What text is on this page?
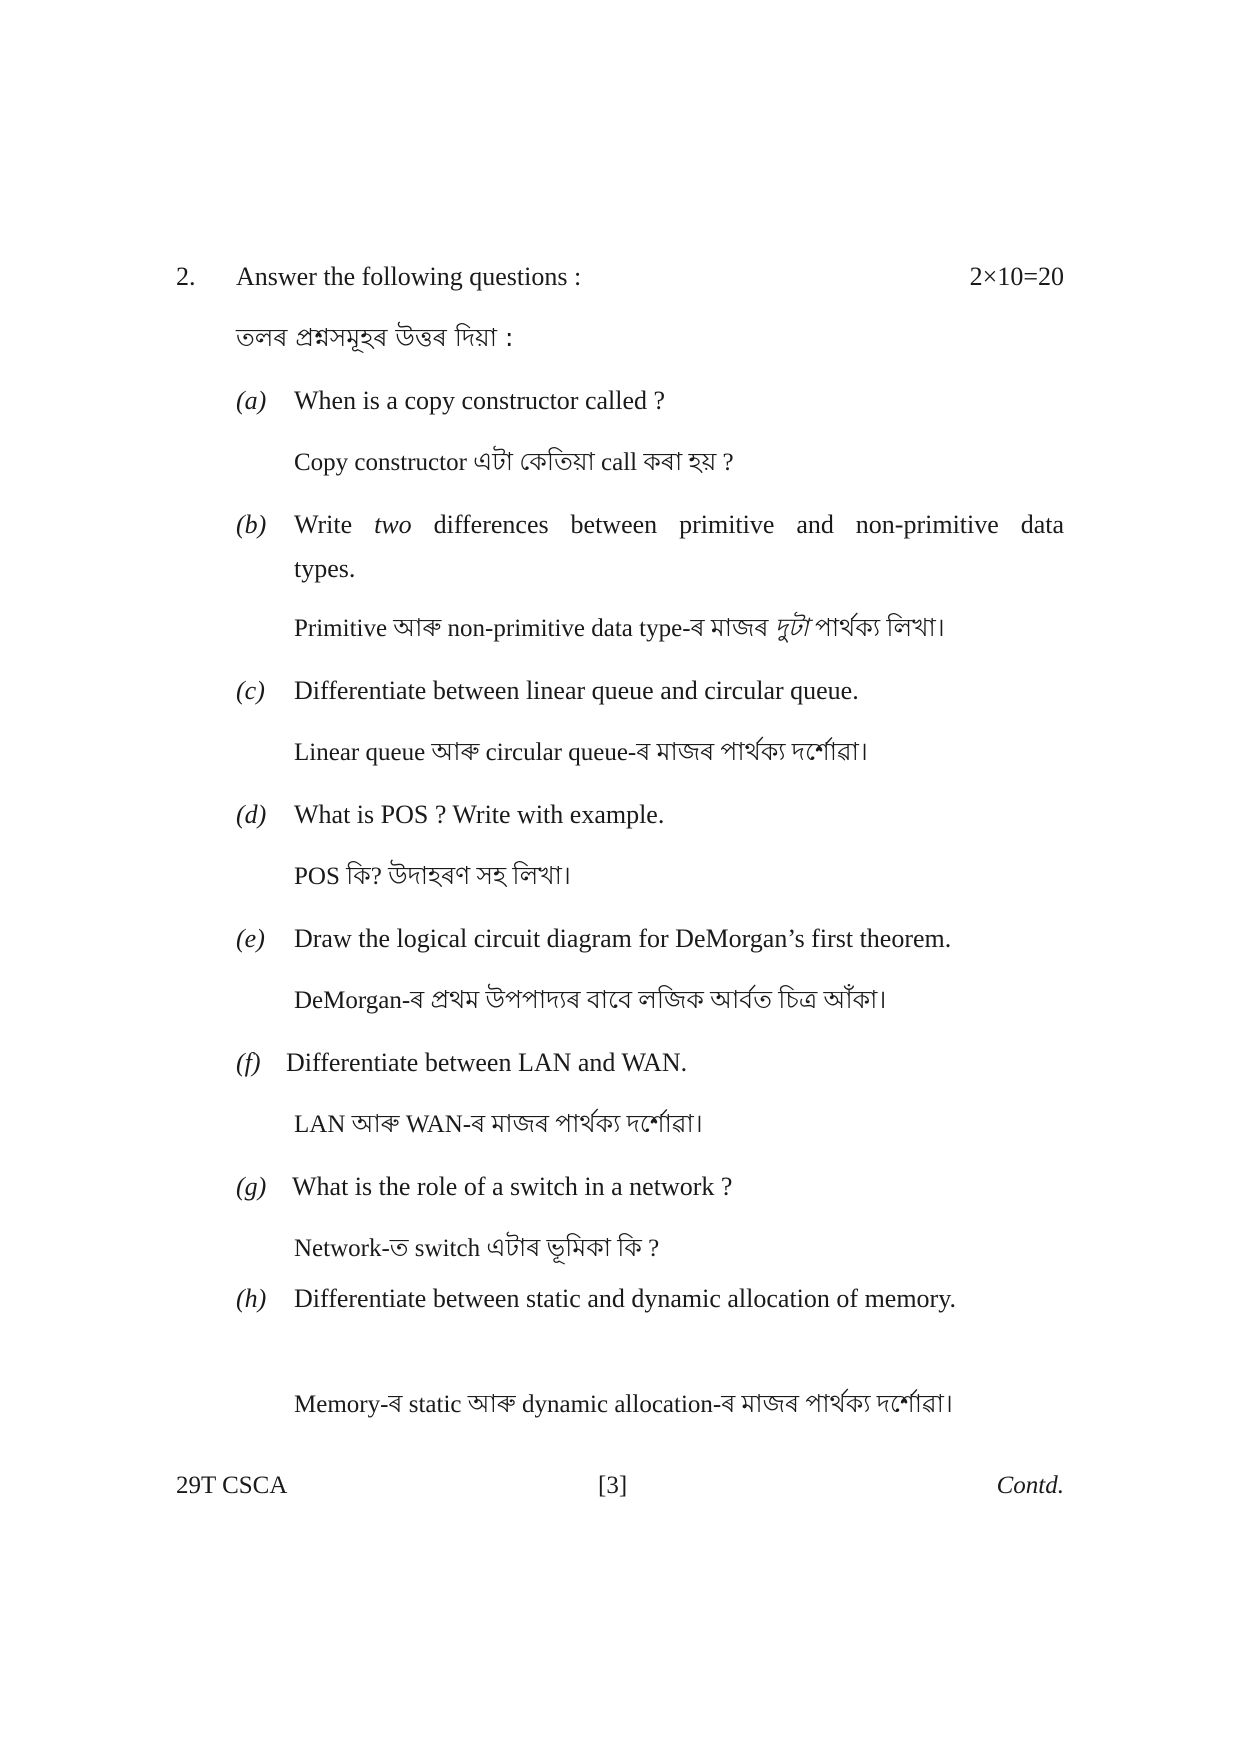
2. Answer the following questions :	2×10=20
তলৰ প্ৰশ্নসমূহৰ উত্তৰ দিয়া :
(a) When is a copy constructor called ?
Copy constructor এটা কেতিয়া call কৰা হয় ?
(b) Write two differences between primitive and non-primitive data
types.
Primitive আৰু non-primitive data type-ৰ মাজৰ দুটা পাৰ্থক্য লিখা।
(c) Differentiate between linear queue and circular queue.
Linear queue আৰু circular queue-ৰ মাজৰ পাৰ্থক্য দৰ্শোৱা।
(d) What is POS ? Write with example.
POS কি? উদাহৰণ সহ লিখা।
(e) Draw the logical circuit diagram for DeMorgan’s first theorem.
DeMorgan-ৰ প্ৰথম উপপাদ্যৰ বাবে লজিক আৰ্বত চিত্ৰ আঁকা।
(f) Differentiate between LAN and WAN.
LAN আৰু WAN-ৰ মাজৰ পাৰ্থক্য দৰ্শোৱা।
(g) What is the role of a switch in a network ?
Network-ত switch এটাৰ ভূমিকা কি ?
(h) Differentiate between static and dynamic allocation of memory.
Memory-ৰ static আৰু dynamic allocation-ৰ মাজৰ পাৰ্থক্য দৰ্শোৱা।
29T CSCA	[3]	Contd.
